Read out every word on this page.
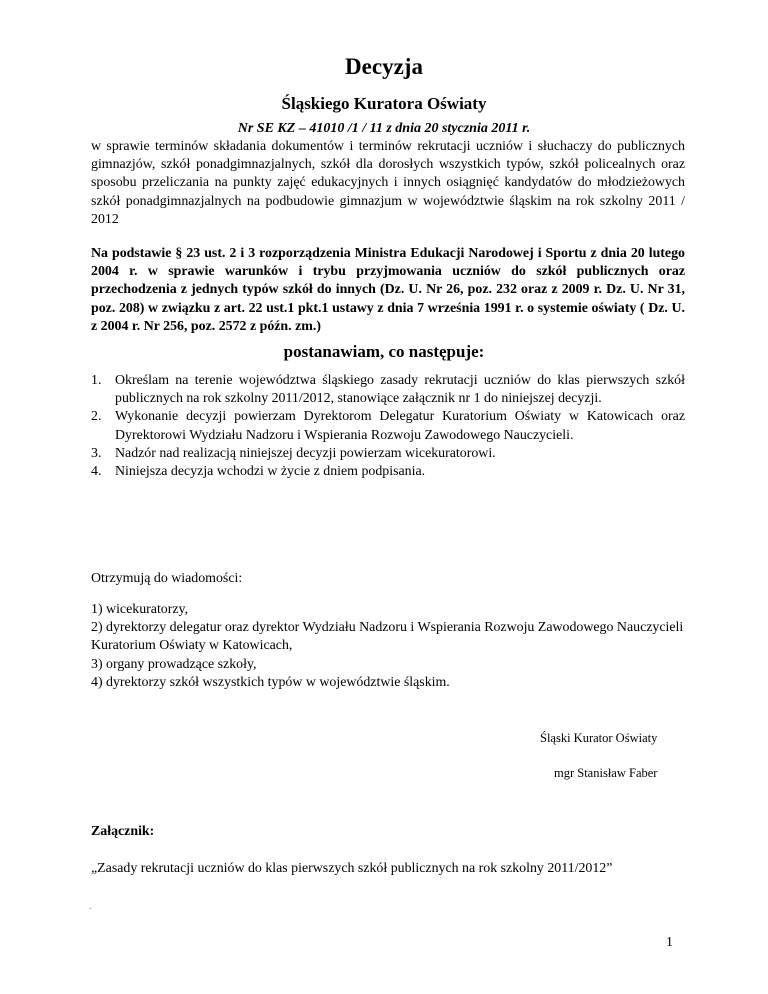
Decyzja
Śląskiego Kuratora Oświaty
Nr SE KZ – 41010 /1 / 11 z dnia 20 stycznia 2011 r.
w sprawie terminów składania dokumentów i terminów rekrutacji uczniów i słuchaczy do publicznych gimnazjów, szkół ponadgimnazjalnych, szkół dla dorosłych wszystkich typów, szkół policealnych oraz sposobu przeliczania na punkty zajęć edukacyjnych i innych osiągnięć kandydatów do młodzieżowych szkół ponadgimnazjalnych na podbudowie gimnazjum w województwie śląskim na rok szkolny 2011 / 2012
Na podstawie § 23 ust. 2 i 3 rozporządzenia Ministra Edukacji Narodowej i Sportu z dnia 20 lutego 2004 r. w sprawie warunków i trybu przyjmowania uczniów do szkół publicznych oraz przechodzenia z jednych typów szkół do innych (Dz. U. Nr 26, poz. 232 oraz z 2009 r. Dz. U. Nr 31, poz. 208) w związku z art. 22 ust.1 pkt.1 ustawy z dnia 7 września 1991 r. o systemie oświaty ( Dz. U. z 2004 r. Nr 256, poz. 2572 z późn. zm.)
postanawiam, co następuje:
1. Określam na terenie województwa śląskiego zasady rekrutacji uczniów do klas pierwszych szkół publicznych na rok szkolny 2011/2012, stanowiące załącznik nr 1 do niniejszej decyzji.
2. Wykonanie decyzji powierzam Dyrektorom Delegatur Kuratorium Oświaty w Katowicach oraz Dyrektorowi Wydziału Nadzoru i Wspierania Rozwoju Zawodowego Nauczycieli.
3. Nadzór nad realizacją niniejszej decyzji powierzam wicekuratorowi.
4. Niniejsza decyzja wchodzi w życie z dniem podpisania.
Otrzymują do wiadomości:
1) wicekuratorzy,
2) dyrektorzy delegatur oraz dyrektor Wydziału Nadzoru i Wspierania Rozwoju Zawodowego Nauczycieli Kuratorium Oświaty w Katowicach,
3) organy prowadzące szkoły,
4) dyrektorzy szkół wszystkich typów w województwie śląskim.
Śląski Kurator Oświaty
mgr Stanisław Faber
Załącznik:
„Zasady rekrutacji uczniów do klas pierwszych szkół publicznych na rok szkolny 2011/2012”
.
1
